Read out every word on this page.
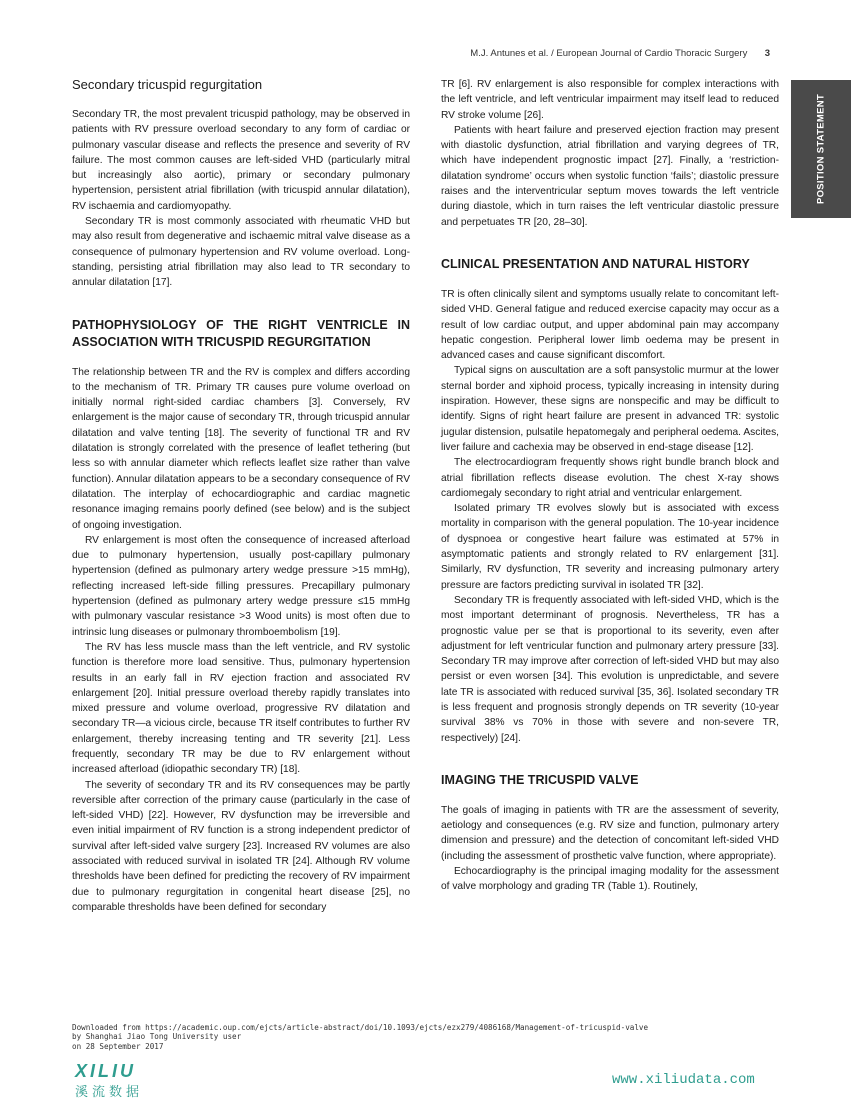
M.J. Antunes et al. / European Journal of Cardio Thoracic Surgery 3
POSITION STATEMENT
Secondary tricuspid regurgitation

Secondary TR, the most prevalent tricuspid pathology, may be observed in patients with RV pressure overload secondary to any form of cardiac or pulmonary vascular disease and reflects the presence and severity of RV failure. The most common causes are left-sided VHD (particularly mitral but increasingly also aortic), primary or secondary pulmonary hypertension, persistent atrial fibrillation (with tricuspid annular dilatation), RV ischaemia and cardiomyopathy.

Secondary TR is most commonly associated with rheumatic VHD but may also result from degenerative and ischaemic mitral valve disease as a consequence of pulmonary hypertension and RV volume overload. Long-standing, persisting atrial fibrillation may also lead to TR secondary to annular dilatation [17].

PATHOPHYSIOLOGY OF THE RIGHT VENTRICLE IN ASSOCIATION WITH TRICUSPID REGURGITATION

The relationship between TR and the RV is complex and differs according to the mechanism of TR. Primary TR causes pure volume overload on initially normal right-sided cardiac chambers [3]. Conversely, RV enlargement is the major cause of secondary TR, through tricuspid annular dilatation and valve tenting [18]. The severity of functional TR and RV dilatation is strongly correlated with the presence of leaflet tethering (but less so with annular diameter which reflects leaflet size rather than valve function). Annular dilatation appears to be a secondary consequence of RV dilatation. The interplay of echocardiographic and cardiac magnetic resonance imaging remains poorly defined (see below) and is the subject of ongoing investigation.

RV enlargement is most often the consequence of increased afterload due to pulmonary hypertension, usually post-capillary pulmonary hypertension (defined as pulmonary artery wedge pressure >15 mmHg), reflecting increased left-side filling pressures. Precapillary pulmonary hypertension (defined as pulmonary artery wedge pressure ≤15 mmHg with pulmonary vascular resistance >3 Wood units) is most often due to intrinsic lung diseases or pulmonary thromboembolism [19].

The RV has less muscle mass than the left ventricle, and RV systolic function is therefore more load sensitive. Thus, pulmonary hypertension results in an early fall in RV ejection fraction and associated RV enlargement [20]. Initial pressure overload thereby rapidly translates into mixed pressure and volume overload, progressive RV dilatation and secondary TR—a vicious circle, because TR itself contributes to further RV enlargement, thereby increasing tenting and TR severity [21]. Less frequently, secondary TR may be due to RV enlargement without increased afterload (idiopathic secondary TR) [18].

The severity of secondary TR and its RV consequences may be partly reversible after correction of the primary cause (particularly in the case of left-sided VHD) [22]. However, RV dysfunction may be irreversible and even initial impairment of RV function is a strong independent predictor of survival after left-sided valve surgery [23]. Increased RV volumes are also associated with reduced survival in isolated TR [24]. Although RV volume thresholds have been defined for predicting the recovery of RV impairment due to pulmonary regurgitation in congenital heart disease [25], no comparable thresholds have been defined for secondary

TR [6]. RV enlargement is also responsible for complex interactions with the left ventricle, and left ventricular impairment may itself lead to reduced RV stroke volume [26].

Patients with heart failure and preserved ejection fraction may present with diastolic dysfunction, atrial fibrillation and varying degrees of TR, which have independent prognostic impact [27]. Finally, a ‘restriction-dilatation syndrome’ occurs when systolic function ‘fails’; diastolic pressure raises and the interventricular septum moves towards the left ventricle during diastole, which in turn raises the left ventricular diastolic pressure and perpetuates TR [20, 28–30].

CLINICAL PRESENTATION AND NATURAL HISTORY

TR is often clinically silent and symptoms usually relate to concomitant left-sided VHD. General fatigue and reduced exercise capacity may occur as a result of low cardiac output, and upper abdominal pain may accompany hepatic congestion. Peripheral lower limb oedema may be present in advanced cases and cause significant discomfort.

Typical signs on auscultation are a soft pansystolic murmur at the lower sternal border and xiphoid process, typically increasing in intensity during inspiration. However, these signs are nonspecific and may be difficult to identify. Signs of right heart failure are present in advanced TR: systolic jugular distension, pulsatile hepatomegaly and peripheral oedema. Ascites, liver failure and cachexia may be observed in end-stage disease [12].

The electrocardiogram frequently shows right bundle branch block and atrial fibrillation reflects disease evolution. The chest X-ray shows cardiomegaly secondary to right atrial and ventricular enlargement.

Isolated primary TR evolves slowly but is associated with excess mortality in comparison with the general population. The 10-year incidence of dyspnoea or congestive heart failure was estimated at 57% in asymptomatic patients and strongly related to RV enlargement [31]. Similarly, RV dysfunction, TR severity and increasing pulmonary artery pressure are factors predicting survival in isolated TR [32].

Secondary TR is frequently associated with left-sided VHD, which is the most important determinant of prognosis. Nevertheless, TR has a prognostic value per se that is proportional to its severity, even after adjustment for left ventricular function and pulmonary artery pressure [33]. Secondary TR may improve after correction of left-sided VHD but may also persist or even worsen [34]. This evolution is unpredictable, and severe late TR is associated with reduced survival [35, 36]. Isolated secondary TR is less frequent and prognosis strongly depends on TR severity (10-year survival 38% vs 70% in those with severe and non-severe TR, respectively) [24].

IMAGING THE TRICUSPID VALVE

The goals of imaging in patients with TR are the assessment of severity, aetiology and consequences (e.g. RV size and function, pulmonary artery dimension and pressure) and the detection of concomitant left-sided VHD (including the assessment of prosthetic valve function, where appropriate).

Echocardiography is the principal imaging modality for the assessment of valve morphology and grading TR (Table 1). Routinely,

Downloaded from https://academic.oup.com/ejcts/article-abstract/doi/10.1093/ejcts/ezx279/4086168/Management-of-tricuspid-valve
by Shanghai Jiao Tong University user
on 28 September 2017
XILIU
溪流数据
www.xiliudata.com
